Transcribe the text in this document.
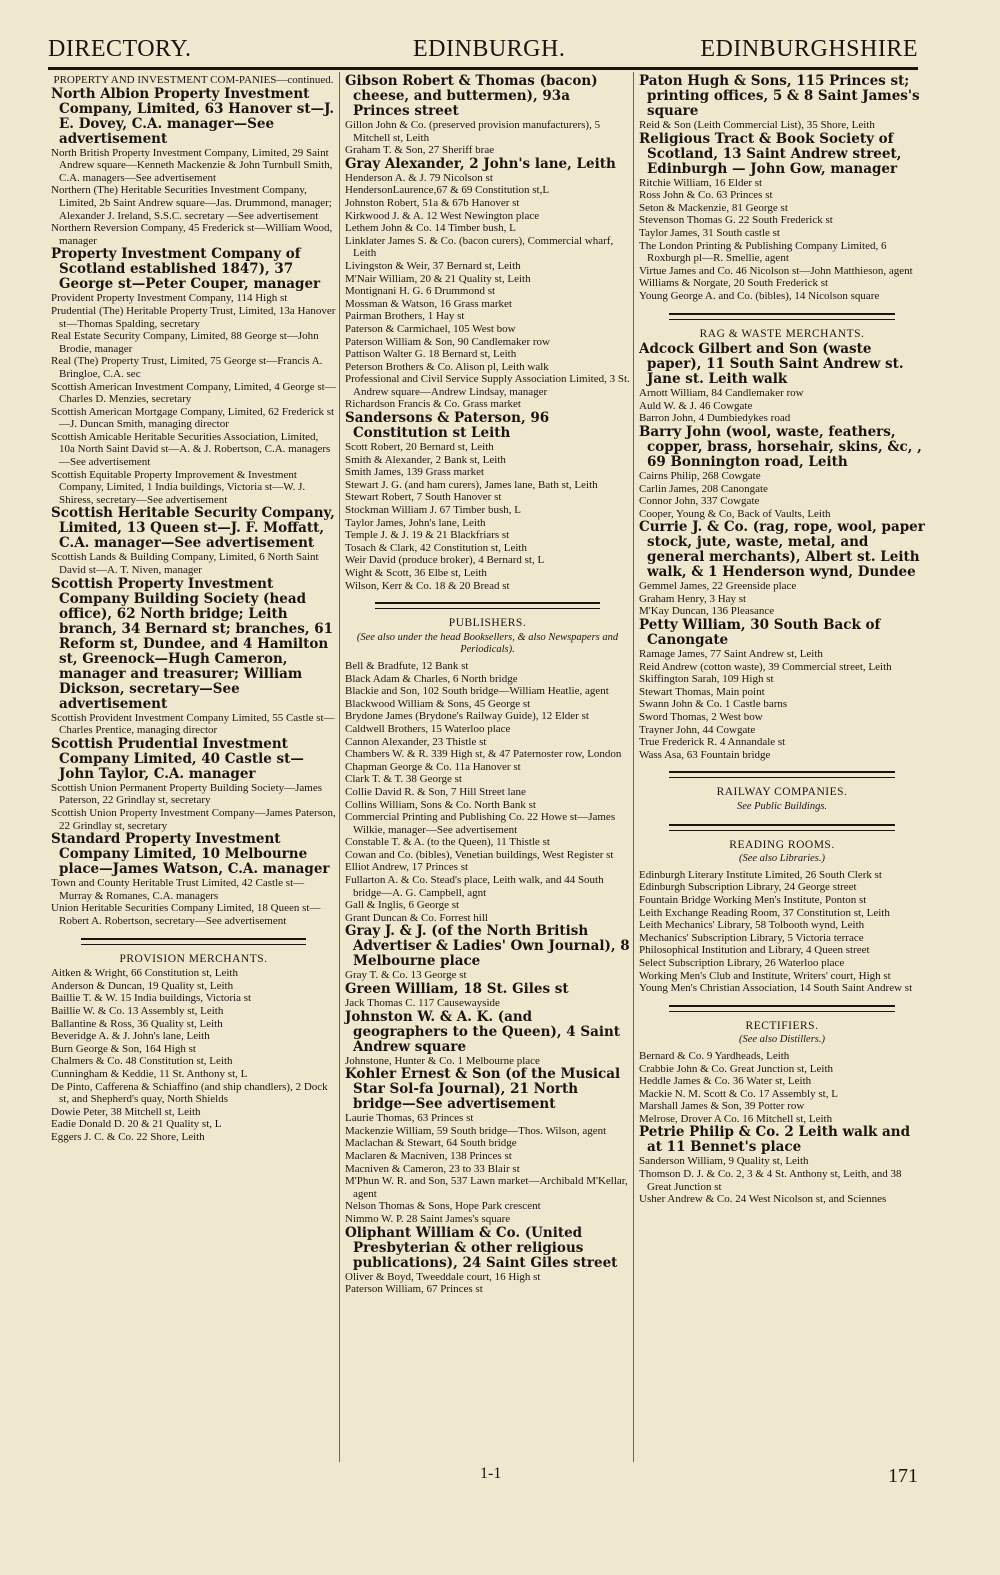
DIRECTORY.	EDINBURGH.	EDINBURGHSHIRE

PROPERTY AND INVESTMENT COM-PANIES—continued.

North Albion Property Investment Company, Limited, 63 Hanover st—J. E. Dovey, C.A. manager—See advertisement

North British Property Investment Company, Limited, 29 Saint Andrew square—Kenneth Mackenzie & John Turnbull Smith, C.A. managers—See advertisement

Northern (The) Heritable Securities Investment Company, Limited, 2b Saint Andrew square—Jas. Drummond, manager; Alexander J. Ireland, S.S.C. secretary —See advertisement

Northern Reversion Company, 45 Frederick st—William Wood, manager

Property Investment Company of Scotland established 1847), 37 George st—Peter Couper, manager

Provident Property Investment Company, 114 High st

Prudential (The) Heritable Property Trust, Limited, 13a Hanover st—Thomas Spalding, secretary

Real Estate Security Company, Limited, 88 George st—John Brodie, manager

Real (The) Property Trust, Limited, 75 George st—Francis A. Bringloe, C.A. sec

Scottish American Investment Company, Limited, 4 George st—Charles D. Menzies, secretary

Scottish American Mortgage Company, Limited, 62 Frederick st—J. Duncan Smith, managing director

Scottish Amicable Heritable Securities Association, Limited, 10a North Saint David st—A. & J. Robertson, C.A. managers—See advertisement

Scottish Equitable Property Improvement & Investment Company, Limited, 1 India buildings, Victoria st—W. J. Shiress, secretary—See advertisement

Scottish Heritable Security Company, Limited, 13 Queen st—J. F. Moffatt, C.A. manager—See advertisement

Scottish Lands & Building Company, Limited, 6 North Saint David st—A. T. Niven, manager

Scottish Property Investment Company Building Society (head office), 62 North bridge; Leith branch, 34 Bernard st; branches, 61 Reform st, Dundee, and 4 Hamilton st, Greenock—Hugh Cameron, manager and treasurer; William Dickson, secretary—See advertisement

Scottish Provident Investment Company Limited, 55 Castle st—Charles Prentice, managing director

Scottish Prudential Investment Company Limited, 40 Castle st—John Taylor, C.A. manager

Scottish Union Permanent Property Building Society—James Paterson, 22 Grindlay st, secretary

Scottish Union Property Investment Company—James Paterson, 22 Grindlay st, secretary

Standard Property Investment Company Limited, 10 Melbourne place—James Watson, C.A. manager

Town and County Heritable Trust Limited, 42 Castle st—Murray & Romanes, C.A. managers

Union Heritable Securities Company Limited, 18 Queen st—Robert A. Robertson, secretary—See advertisement

PROVISION MERCHANTS.

Aitken & Wright, 66 Constitution st, Leith

Anderson & Duncan, 19 Quality st, Leith

Baillie T. & W. 15 India buildings, Victoria st

Baillie W. & Co. 13 Assembly st, Leith

Ballantine & Ross, 36 Quality st, Leith

Beveridge A. & J. John's lane, Leith

Burn George & Son, 164 High st

Chalmers & Co. 48 Constitution st, Leith

Cunningham & Keddie, 11 St. Anthony st, L

De Pinto, Cafferena & Schiaffino (and ship chandlers), 2 Dock st, and Shepherd's quay, North Shields

Dowie Peter, 38 Mitchell st, Leith

Eadie Donald D. 20 & 21 Quality st, L

Eggers J. C. & Co. 22 Shore, Leith

Gibson Robert & Thomas (bacon) cheese, and buttermen), 93a Princes street

Gillon John & Co. (preserved provision manufacturers), 5 Mitchell st, Leith

Graham T. & Son, 27 Sheriff brae

Gray Alexander, 2 John's lane, Leith

Henderson A. & J. 79 Nicolson st

HendersonLaurence,67 & 69 Constitution st,L

Johnston Robert, 51a & 67b Hanover st

Kirkwood J. & A. 12 West Newington place

Lethem John & Co. 14 Timber bush, L

Linklater James S. & Co. (bacon curers), Commercial wharf, Leith

Livingston & Weir, 37 Bernard st, Leith

M'Nair William, 20 & 21 Quality st, Leith

Montignani H. G. 6 Drummond st

Mossman & Watson, 16 Grass market

Pairman Brothers, 1 Hay st

Paterson & Carmichael, 105 West bow

Paterson William & Son, 90 Candlemaker row

Pattison Walter G. 18 Bernard st, Leith

Peterson Brothers & Co. Alison pl, Leith walk

Professional and Civil Service Supply Association Limited, 3 St. Andrew square—Andrew Lindsay, manager

Richardson Francis & Co. Grass market

Sandersons & Paterson, 96 Constitution st Leith

Scott Robert, 20 Bernard st, Leith

Smith & Alexander, 2 Bank st, Leith

Smith James, 139 Grass market

Stewart J. G. (and ham curers), James lane, Bath st, Leith

Stewart Robert, 7 South Hanover st

Stockman William J. 67 Timber bush, L

Taylor James, John's lane, Leith

Temple J. & J. 19 & 21 Blackfriars st

Tosach & Clark, 42 Constitution st, Leith

Weir David (produce broker), 4 Bernard st, L

Wight & Scott, 36 Elbe st, Leith

Wilson, Kerr & Co. 18 & 20 Bread st

PUBLISHERS.

(See also under the head Booksellers, & also Newspapers and Periodicals).

Bell & Bradfute, 12 Bank st

Black Adam & Charles, 6 North bridge

Blackie and Son, 102 South bridge—William Heatlie, agent

Blackwood William & Sons, 45 George st

Brydone James (Brydone's Railway Guide), 12 Elder st

Caldwell Brothers, 15 Waterloo place

Cannon Alexander, 23 Thistle st

Chambers W. & R. 339 High st, & 47 Paternoster row, London

Chapman George & Co. 11a Hanover st

Clark T. & T. 38 George st

Collie David R. & Son, 7 Hill Street lane

Collins William, Sons & Co. North Bank st

Commercial Printing and Publishing Co. 22 Howe st—James Wilkie, manager—See advertisement

Constable T. & A. (to the Queen), 11 Thistle st

Cowan and Co. (bibles), Venetian buildings, West Register st

Elliot Andrew, 17 Princes st

Fullarton A. & Co. Stead's place, Leith walk, and 44 South bridge—A. G. Campbell, agnt

Gall & Inglis, 6 George st

Grant Duncan & Co. Forrest hill

Gray J. & J. (of the North British Advertiser & Ladies' Own Journal), 8 Melbourne place

Gray T. & Co. 13 George st

Green William, 18 St. Giles st

Jack Thomas C. 117 Causewayside

Johnston W. & A. K. (and geographers to the Queen), 4 Saint Andrew square

Johnstone, Hunter & Co. 1 Melbourne place

Kohler Ernest & Son (of the Musical Star Sol-fa Journal), 21 North bridge—See advertisement

Laurie Thomas, 63 Princes st

Mackenzie William, 59 South bridge—Thos. Wilson, agent

Maclachan & Stewart, 64 South bridge

Maclaren & Macniven, 138 Princes st

Macniven & Cameron, 23 to 33 Blair st

M'Phun W. R. and Son, 537 Lawn market—Archibald M'Kellar, agent

Nelson Thomas & Sons, Hope Park crescent

Nimmo W. P. 28 Saint James's square

Oliphant William & Co. (United Presbyterian & other religious publications), 24 Saint Giles street

Oliver & Boyd, Tweeddale court, 16 High st

Paterson William, 67 Princes st

Paton Hugh & Sons, 115 Princes st; printing offices, 5 & 8 Saint James's square

Reid & Son (Leith Commercial List), 35 Shore, Leith

Religious Tract & Book Society of Scotland, 13 Saint Andrew street, Edinburgh — John Gow, manager

Ritchie William, 16 Elder st

Ross John & Co. 63 Princes st

Seton & Mackenzie, 81 George st

Stevenson Thomas G. 22 South Frederick st

Taylor James, 31 South castle st

The London Printing & Publishing Company Limited, 6 Roxburgh pl—R. Smellie, agent

Virtue James and Co. 46 Nicolson st—John Matthieson, agent

Williams & Norgate, 20 South Frederick st

Young George A. and Co. (bibles), 14 Nicolson square

RAG & WASTE MERCHANTS.

Adcock Gilbert and Son (waste paper), 11 South Saint Andrew st. Jane st. Leith walk

Arnott William, 84 Candlemaker row

Auld W. & J. 46 Cowgate

Barron John, 4 Dumbiedykes road

Barry John (wool, waste, feathers, copper, brass, horsehair, skins, &c, , 69 Bonnington road, Leith

Cairns Philip, 268 Cowgate

Carlin James, 208 Canongate

Connor John, 337 Cowgate

Cooper, Young & Co, Back of Vaults, Leith

Currie J. & Co. (rag, rope, wool, paper stock, jute, waste, metal, and general merchants), Albert st. Leith walk, & 1 Henderson wynd, Dundee

Gemmel James, 22 Greenside place

Graham Henry, 3 Hay st

M'Kay Duncan, 136 Pleasance

Petty William, 30 South Back of Canongate

Ramage James, 77 Saint Andrew st, Leith

Reid Andrew (cotton waste), 39 Commercial street, Leith

Skiffington Sarah, 109 High st

Stewart Thomas, Main point

Swann John & Co. 1 Castle barns

Sword Thomas, 2 West bow

Trayner John, 44 Cowgate

True Frederick R. 4 Annandale st

Wass Asa, 63 Fountain bridge

RAILWAY COMPANIES.

See Public Buildings.

READING ROOMS.

(See also Libraries.)

Edinburgh Literary Institute Limited, 26 South Clerk st

Edinburgh Subscription Library, 24 George street

Fountain Bridge Working Men's Institute, Ponton st

Leith Exchange Reading Room, 37 Constitution st, Leith

Leith Mechanics' Library, 58 Tolbooth wynd, Leith

Mechanics' Subscription Library, 5 Victoria terrace

Philosophical Institution and Library, 4 Queen street

Select Subscription Library, 26 Waterloo place

Working Men's Club and Institute, Writers' court, High st

Young Men's Christian Association, 14 South Saint Andrew st

RECTIFIERS.

(See also Distillers.)

Bernard & Co. 9 Yardheads, Leith

Crabbie John & Co. Great Junction st, Leith

Heddle James & Co. 36 Water st, Leith

Mackie N. M. Scott & Co. 17 Assembly st, L

Marshall James & Son, 39 Potter row

Melrose, Drover A Co. 16 Mitchell st, Leith

Petrie Philip & Co. 2 Leith walk and at 11 Bennet's place

Sanderson William, 9 Quality st, Leith

Thomson D. J. & Co. 2, 3 & 4 St. Anthony st, Leith, and 38 Great Junction st

Usher Andrew & Co. 24 West Nicolson st, and Sciennes

1-1	171
